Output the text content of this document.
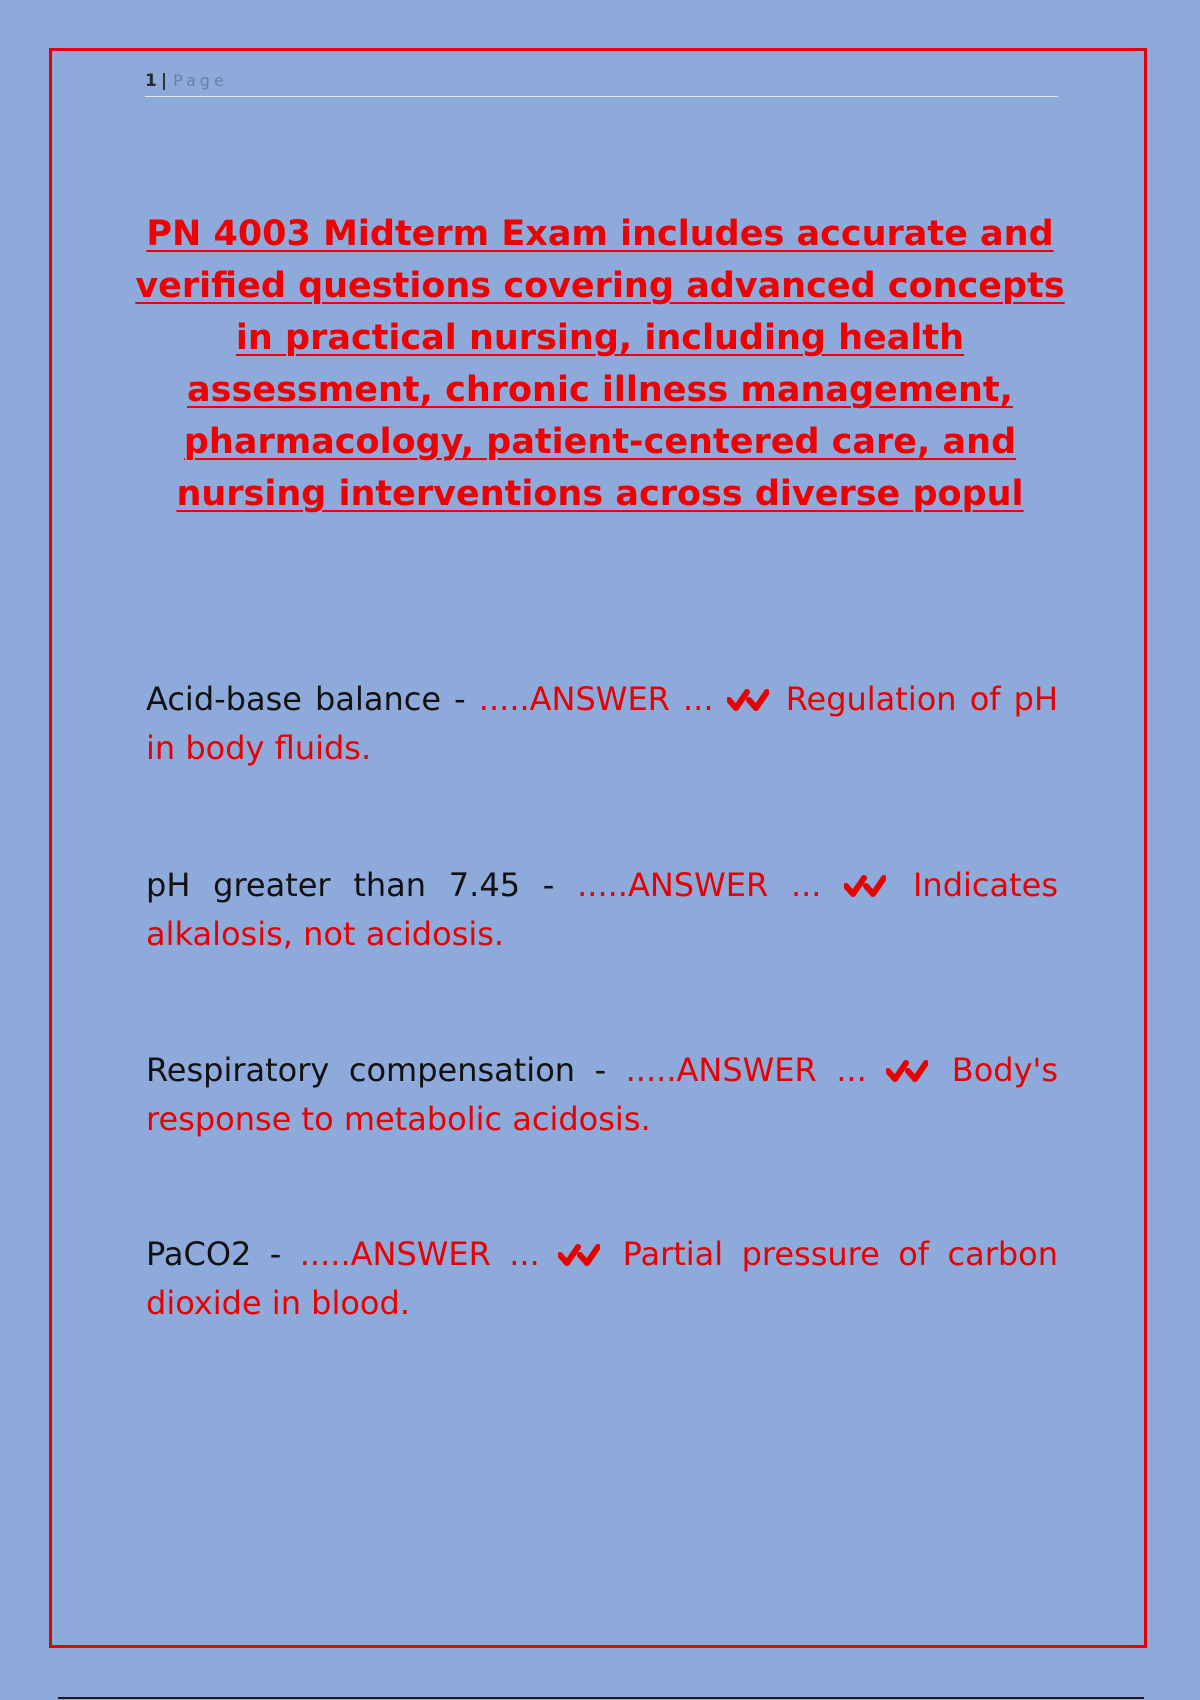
1 | Page
PN 4003 Midterm Exam includes accurate and verified questions covering advanced concepts in practical nursing, including health assessment, chronic illness management, pharmacology, patient-centered care, and nursing interventions across diverse popul

Acid-base balance - .....ANSWER ...
Regulation of pH in body fluids.

pH greater than 7.45 - .....ANSWER ...
Indicates alkalosis, not acidosis.

Respiratory compensation - .....ANSWER ...
Body's response to metabolic acidosis.

PaCO2 - .....ANSWER ...
Partial pressure of carbon dioxide in blood.
